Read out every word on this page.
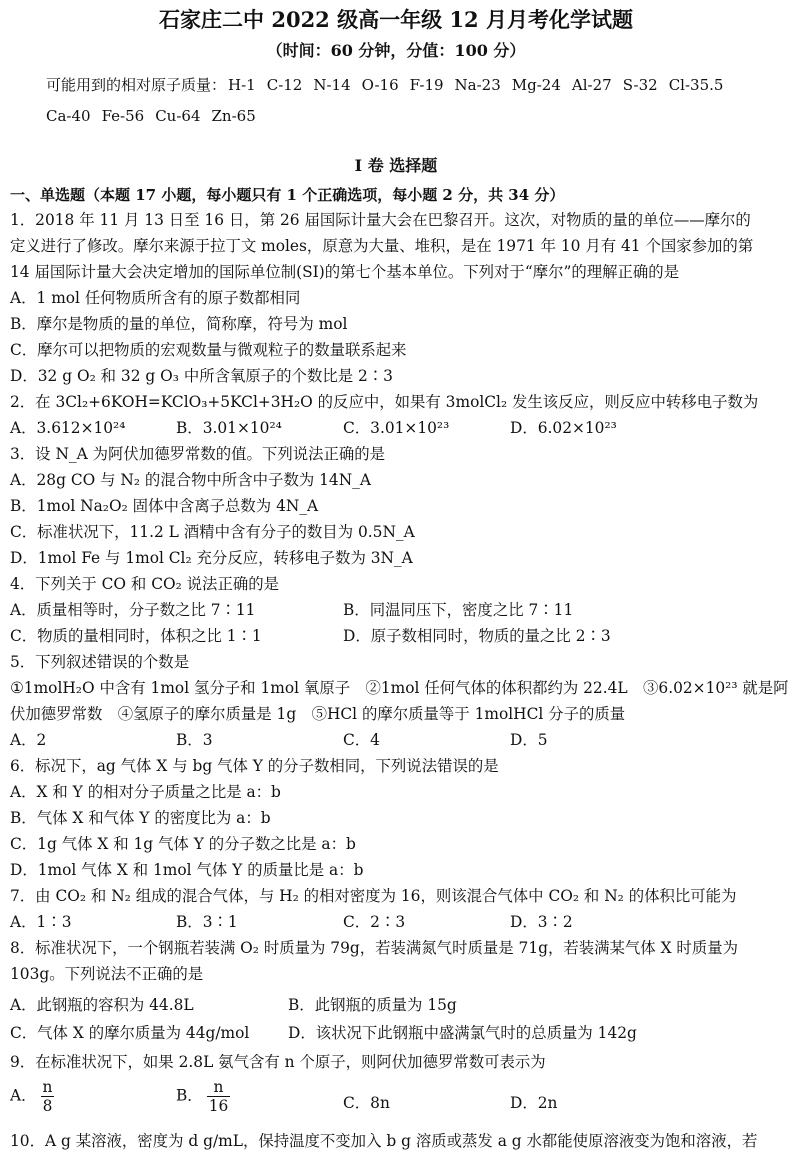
石家庄二中 2022 级高一年级 12 月月考化学试题
（时间：60 分钟，分值：100 分）
可能用到的相对原子质量： H-1 C-12 N-14 O-16 F-19 Na-23 Mg-24 Al-27 S-32 Cl-35.5
Ca-40 Fe-56 Cu-64 Zn-65
I 卷 选择题
一、单选题（本题 17 小题，每小题只有 1 个正确选项，每小题 2 分，共 34 分）
1．2018 年 11 月 13 日至 16 日，第 26 届国际计量大会在巴黎召开。这次，对物质的量的单位——摩尔的
定义进行了修改。摩尔来源于拉丁文 moles，原意为大量、堆积，是在 1971 年 10 月有 41 个国家参加的第
14 届国际计量大会决定增加的国际单位制(SI)的第七个基本单位。下列对于“摩尔”的理解正确的是
A．1 mol 任何物质所含有的原子数都相同
B．摩尔是物质的量的单位，简称摩，符号为 mol
C．摩尔可以把物质的宏观数量与微观粒子的数量联系起来
D．32 g O₂ 和 32 g O₃ 中所含氧原子的个数比是 2∶3
2．在 3Cl₂+6KOH=KClO₃+5KCl+3H₂O 的反应中，如果有 3molCl₂ 发生该反应，则反应中转移电子数为
A．3.612×10²⁴	B．3.01×10²⁴	C．3.01×10²³	D．6.02×10²³
3．设 N_A 为阿伏加德罗常数的值。下列说法正确的是
A．28g CO 与 N₂ 的混合物中所含中子数为 14N_A
B．1mol Na₂O₂ 固体中含离子总数为 4N_A
C．标准状况下，11.2 L 酒精中含有分子的数目为 0.5N_A
D．1mol Fe 与 1mol Cl₂ 充分反应，转移电子数为 3N_A
4．下列关于 CO 和 CO₂ 说法正确的是
A．质量相等时，分子数之比 7∶11	B．同温同压下，密度之比 7∶11
C．物质的量相同时，体积之比 1∶1	D．原子数相同时，物质的量之比 2∶3
5．下列叙述错误的个数是
①1molH₂O 中含有 1mol 氢分子和 1mol 氧原子　②1mol 任何气体的体积都约为 22.4L　③6.02×10²³ 就是阿
伏加德罗常数　④氢原子的摩尔质量是 1g　⑤HCl 的摩尔质量等于 1molHCl 分子的质量
A．2	B．3	C．4	D．5
6．标况下，ag 气体 X 与 bg 气体 Y 的分子数相同，下列说法错误的是
A．X 和 Y 的相对分子质量之比是 a：b
B．气体 X 和气体 Y 的密度比为 a：b
C．1g 气体 X 和 1g 气体 Y 的分子数之比是 a：b
D．1mol 气体 X 和 1mol 气体 Y 的质量比是 a：b
7．由 CO₂ 和 N₂ 组成的混合气体，与 H₂ 的相对密度为 16，则该混合气体中 CO₂ 和 N₂ 的体积比可能为
A．1∶3	B．3∶1	C．2∶3	D．3∶2
8．标准状况下，一个钢瓶若装满 O₂ 时质量为 79g，若装满氮气时质量是 71g，若装满某气体 X 时质量为
103g。下列说法不正确的是
A．此钢瓶的容积为 44.8L	B．此钢瓶的质量为 15g
C．气体 X 的摩尔质量为 44g/mol	D．该状况下此钢瓶中盛满氯气时的总质量为 142g
9．在标准状况下，如果 2.8L 氨气含有 n 个原子，则阿伏加德罗常数可表示为
A． $\frac{n}{8}$	B． $\frac{n}{16}$	C．8n	D．2n
10．A g 某溶液，密度为 d g/mL，保持温度不变加入 b g 溶质或蒸发 a g 水都能使原溶液变为饱和溶液，若
